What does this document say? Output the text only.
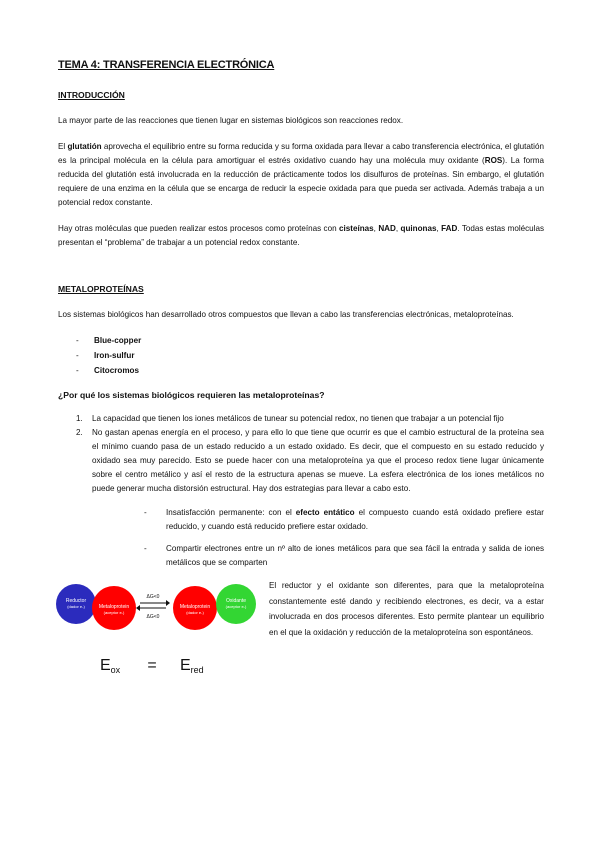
TEMA 4: TRANSFERENCIA ELECTRÓNICA
INTRODUCCIÓN

La mayor parte de las reacciones que tienen lugar en sistemas biológicos son reacciones redox.

El glutatión aprovecha el equilibrio entre su forma reducida y su forma oxidada para llevar a cabo transferencia electrónica, el glutatión es la principal molécula en la célula para amortiguar el estrés oxidativo cuando hay una molécula muy oxidante (ROS). La forma reducida del glutatión está involucrada en la reducción de prácticamente todos los disulfuros de proteínas. Sin embargo, el glutatión requiere de una enzima en la célula que se encarga de reducir la especie oxidada para que pueda ser activada. Además trabaja a un potencial redox constante.

Hay otras moléculas que pueden realizar estos procesos como proteínas con cisteínas, NAD, quinonas, FAD. Todas estas moléculas presentan el “problema” de trabajar a un potencial redox constante.

METALOPROTEÍNAS

Los sistemas biológicos han desarrollado otros compuestos que llevan a cabo las transferencias electrónicas, metaloproteínas.

- Blue-copper
- Iron-sulfur
- Citocromos
¿Por qué los sistemas biológicos requieren las metaloproteínas?
1. La capacidad que tienen los iones metálicos de tunear su potencial redox, no tienen que trabajar a un potencial fijo
2. No gastan apenas energía en el proceso, y para ello lo que tiene que ocurrir es que el cambio estructural de la proteína sea el mínimo cuando pasa de un estado reducido a un estado oxidado. Es decir, que el compuesto en su estado reducido y oxidado sea muy parecido. Esto se puede hacer con una metaloproteína ya que el proceso redox tiene lugar únicamente sobre el centro metálico y así el resto de la estructura apenas se mueve. La esfera electrónica de los iones metálicos no puede generar mucha distorsión estructural. Hay dos estrategias para llevar a cabo esto.
- Insatisfacción permanente: con el efecto entático el compuesto cuando está oxidado prefiere estar reducido, y cuando está reducido prefiere estar oxidado.
- Compartir electrones entre un nº alto de iones metálicos para que sea fácil la entrada y salida de iones metálicos que se comparten
Reductor
(dador e-)	Metaloprotein
(aceptor e-)
ΔG<0
ΔG<0
Metaloprotein
(dador e-)
Oxidante
(aceptor e-)
Eox = Ered
El reductor y el oxidante son diferentes, para que la metaloproteína constantemente esté dando y recibiendo electrones, es decir, va a estar involucrada en dos procesos diferentes. Esto permite plantear un equilibrio en el que la oxidación y reducción de la metaloproteína son espontáneos.
